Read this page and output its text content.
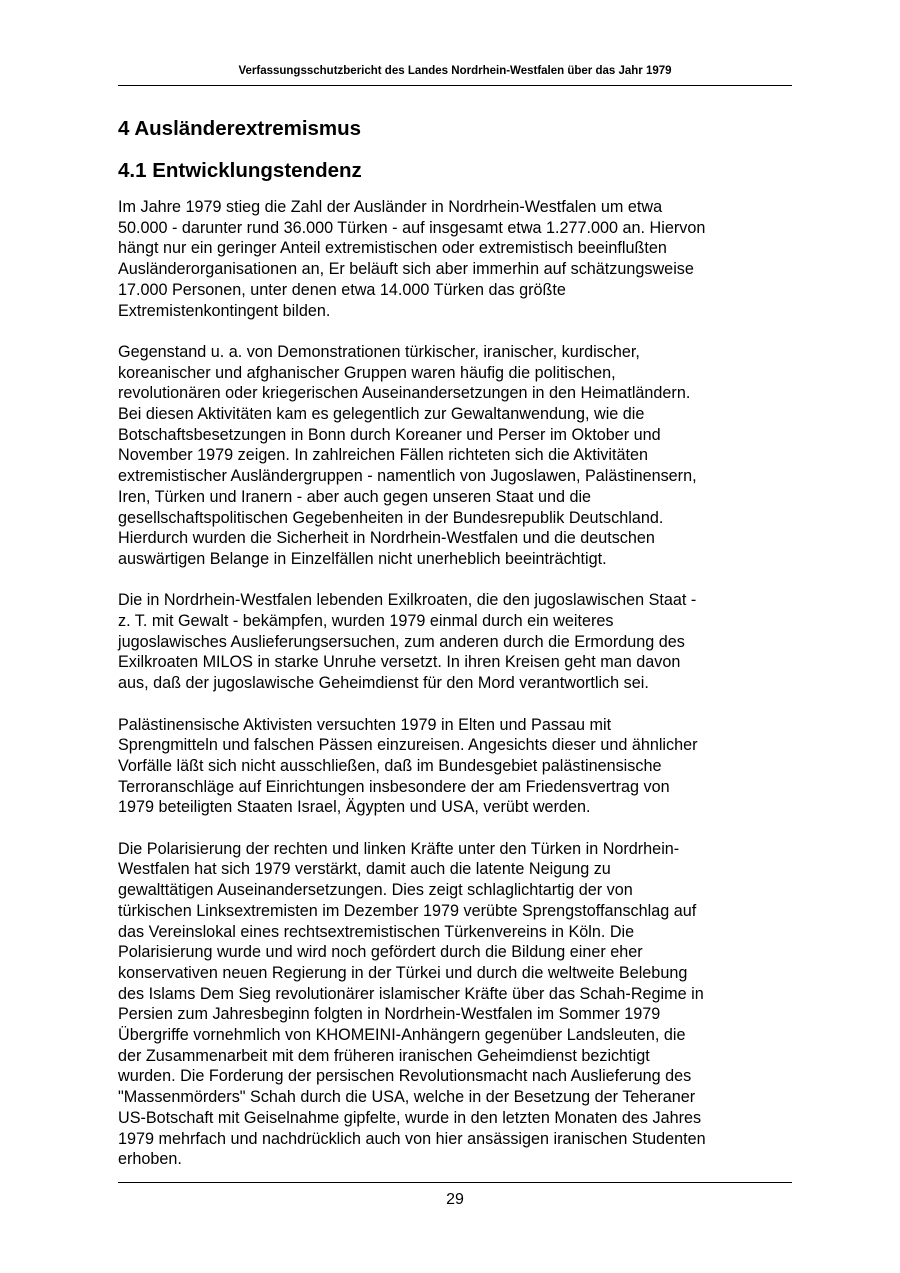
Verfassungsschutzbericht des Landes Nordrhein-Westfalen über das Jahr 1979
4 Ausländerextremismus
4.1 Entwicklungstendenz

Im Jahre 1979 stieg die Zahl der Ausländer in Nordrhein-Westfalen um etwa
50.000 - darunter rund 36.000 Türken - auf insgesamt etwa 1.277.000 an. Hiervon
hängt nur ein geringer Anteil extremistischen oder extremistisch beeinflußten
Ausländerorganisationen an, Er beläuft sich aber immerhin auf schätzungsweise
17.000 Personen, unter denen etwa 14.000 Türken das größte
Extremistenkontingent bilden.

Gegenstand u. a. von Demonstrationen türkischer, iranischer, kurdischer,
koreanischer und afghanischer Gruppen waren häufig die politischen,
revolutionären oder kriegerischen Auseinandersetzungen in den Heimatländern.
Bei diesen Aktivitäten kam es gelegentlich zur Gewaltanwendung, wie die
Botschaftsbesetzungen in Bonn durch Koreaner und Perser im Oktober und
November 1979 zeigen. In zahlreichen Fällen richteten sich die Aktivitäten
extremistischer Ausländergruppen - namentlich von Jugoslawen, Palästinensern,
Iren, Türken und Iranern - aber auch gegen unseren Staat und die
gesellschaftspolitischen Gegebenheiten in der Bundesrepublik Deutschland.
Hierdurch wurden die Sicherheit in Nordrhein-Westfalen und die deutschen
auswärtigen Belange in Einzelfällen nicht unerheblich beeinträchtigt.

Die in Nordrhein-Westfalen lebenden Exilkroaten, die den jugoslawischen Staat -
z. T. mit Gewalt - bekämpfen, wurden 1979 einmal durch ein weiteres
jugoslawisches Auslieferungsersuchen, zum anderen durch die Ermordung des
Exilkroaten MILOS in starke Unruhe versetzt. In ihren Kreisen geht man davon
aus, daß der jugoslawische Geheimdienst für den Mord verantwortlich sei.

Palästinensische Aktivisten versuchten 1979 in Elten und Passau mit
Sprengmitteln und falschen Pässen einzureisen. Angesichts dieser und ähnlicher
Vorfälle läßt sich nicht ausschließen, daß im Bundesgebiet palästinensische
Terroranschläge auf Einrichtungen insbesondere der am Friedensvertrag von
1979 beteiligten Staaten Israel, Ägypten und USA, verübt werden.

Die Polarisierung der rechten und linken Kräfte unter den Türken in Nordrhein-
Westfalen hat sich 1979 verstärkt, damit auch die latente Neigung zu
gewalttätigen Auseinandersetzungen. Dies zeigt schlaglichtartig der von
türkischen Linksextremisten im Dezember 1979 verübte Sprengstoffanschlag auf
das Vereinslokal eines rechtsextremistischen Türkenvereins in Köln. Die
Polarisierung wurde und wird noch gefördert durch die Bildung einer eher
konservativen neuen Regierung in der Türkei und durch die weltweite Belebung
des Islams Dem Sieg revolutionärer islamischer Kräfte über das Schah-Regime in
Persien zum Jahresbeginn folgten in Nordrhein-Westfalen im Sommer 1979
Übergriffe vornehmlich von KHOMEINI-Anhängern gegenüber Landsleuten, die
der Zusammenarbeit mit dem früheren iranischen Geheimdienst bezichtigt
wurden. Die Forderung der persischen Revolutionsmacht nach Auslieferung des
"Massenmörders" Schah durch die USA, welche in der Besetzung der Teheraner
US-Botschaft mit Geiselnahme gipfelte, wurde in den letzten Monaten des Jahres
1979 mehrfach und nachdrücklich auch von hier ansässigen iranischen Studenten
erhoben.

29
